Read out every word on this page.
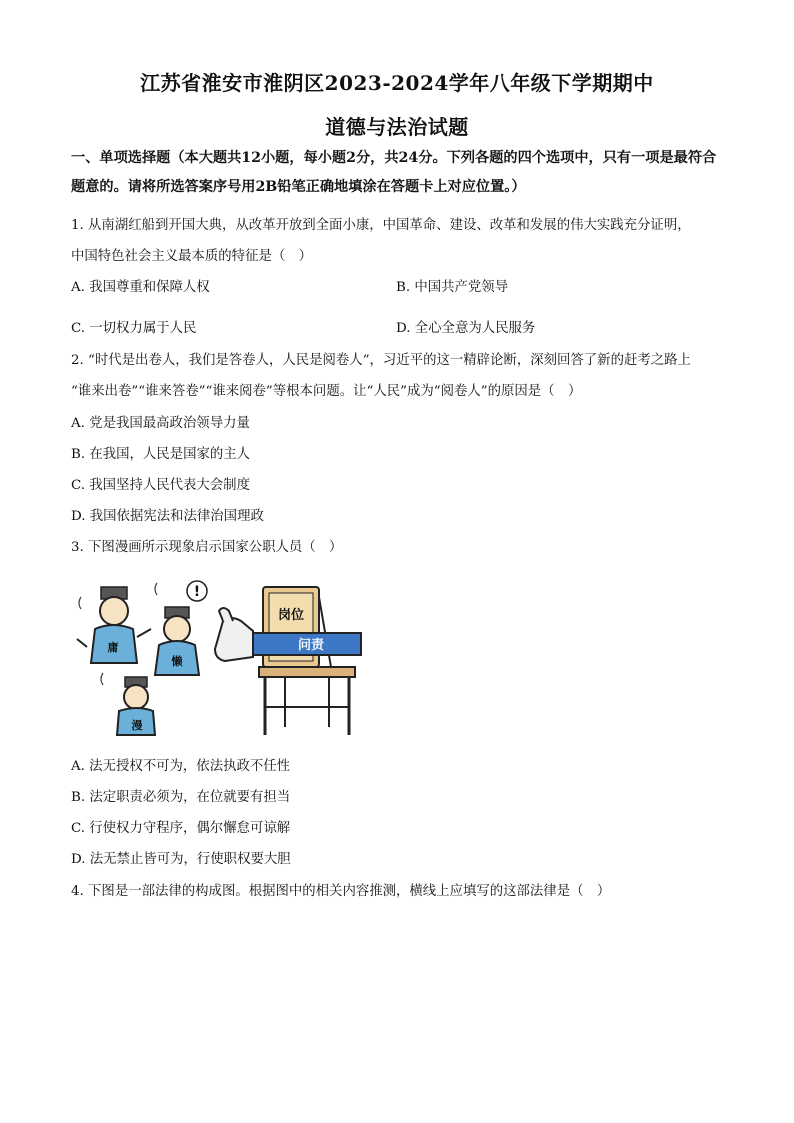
江苏省淮安市淮阴区2023-2024学年八年级下学期期中
道德与法治试题
一、单项选择题（本大题共12小题，每小题2分，共24分。下列各题的四个选项中，只有一项是最符合题意的。请将所选答案序号用2B铅笔正确地填涂在答题卡上对应位置。）
1. 从南湖红船到开国大典，从改革开放到全面小康，中国革命、建设、改革和发展的伟大实践充分证明，
中国特色社会主义最本质的特征是（　）
A. 我国尊重和保障人权	B. 中国共产党领导
C. 一切权力属于人民	D. 全心全意为人民服务
2. “时代是出卷人，我们是答卷人，人民是阅卷人”，习近平的这一精辟论断，深刻回答了新的赶考之路上
“谁来出卷”“谁来答卷”“谁来阅卷”等根本问题。让“人民”成为“阅卷人”的原因是（　）
A. 党是我国最高政治领导力量
B. 在我国，人民是国家的主人
C. 我国坚持人民代表大会制度
D. 我国依据宪法和法律治国理政
3. 下图漫画所示现象启示国家公职人员（　）
岗位
问责
庸
懒
!
漫
A. 法无授权不可为，依法执政不任性
B. 法定职责必须为，在位就要有担当
C. 行使权力守程序，偶尔懈怠可谅解
D. 法无禁止皆可为，行使职权要大胆
4. 下图是一部法律的构成图。根据图中的相关内容推测，横线上应填写的这部法律是（　）
